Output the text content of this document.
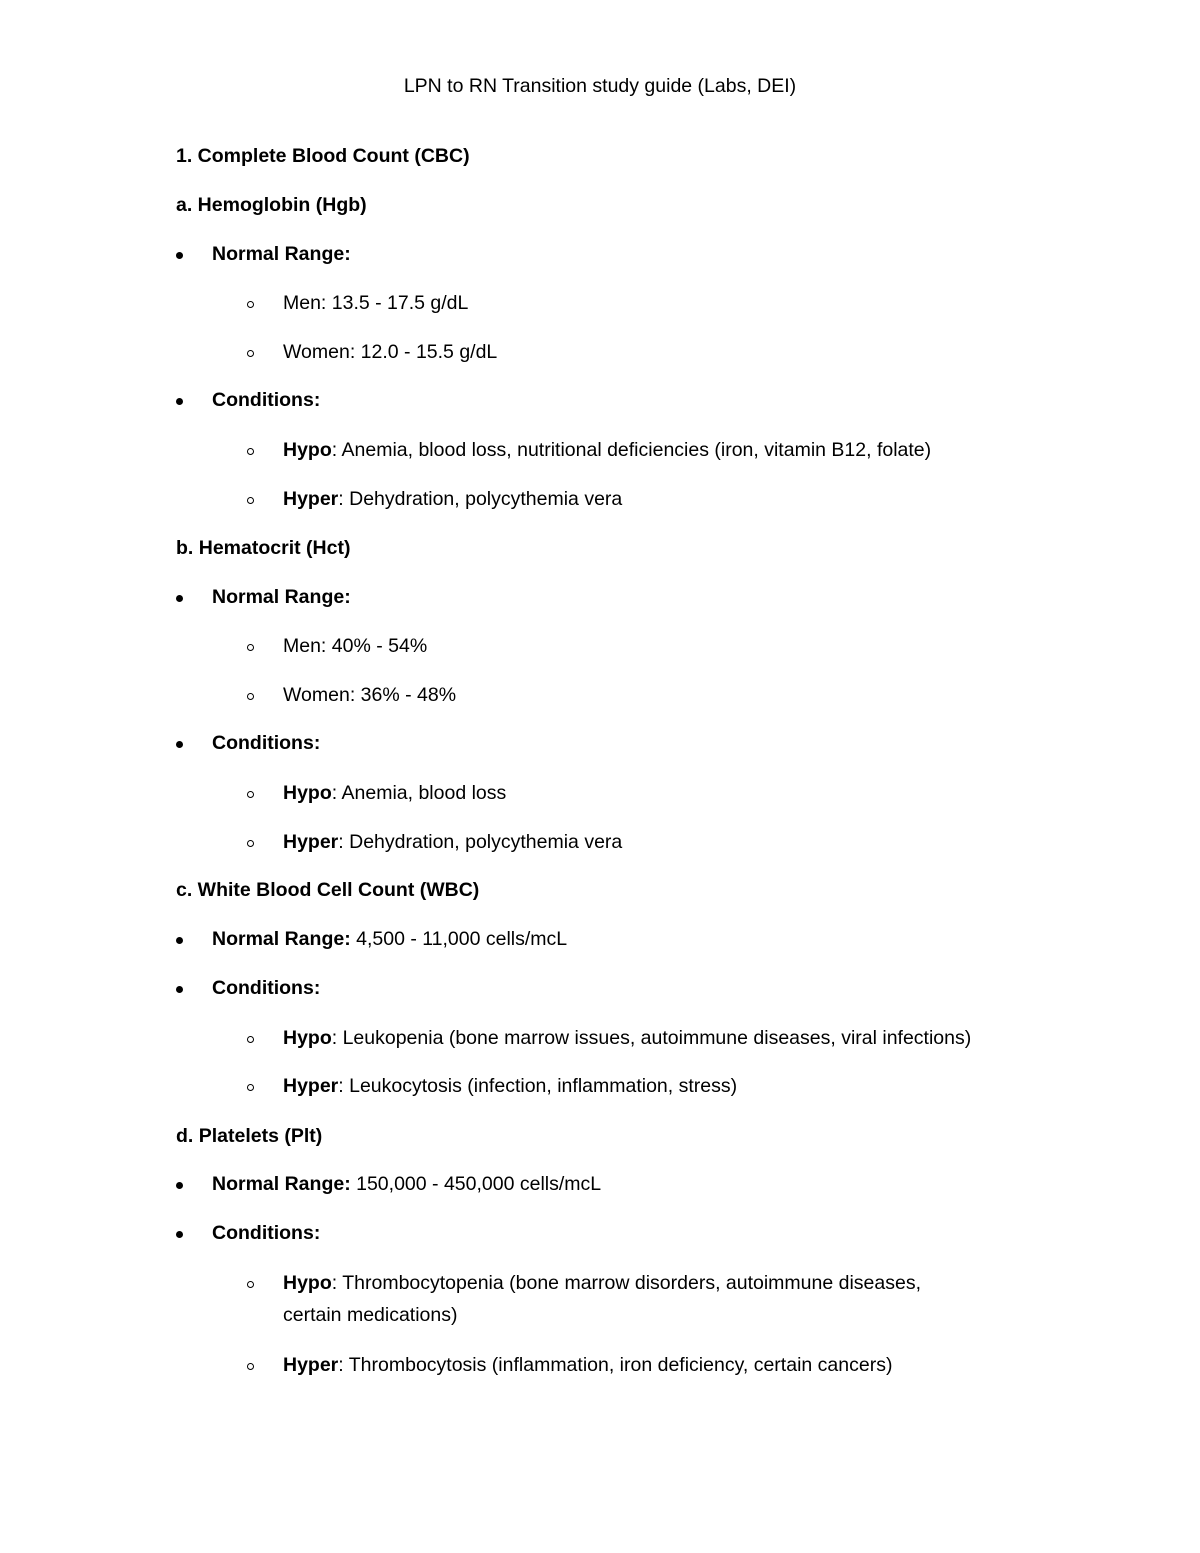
LPN to RN Transition study guide (Labs, DEI)
1. Complete Blood Count (CBC)
a. Hemoglobin (Hgb)
Normal Range:
Men: 13.5 - 17.5 g/dL
Women: 12.0 - 15.5 g/dL
Conditions:
Hypo: Anemia, blood loss, nutritional deficiencies (iron, vitamin B12, folate)
Hyper: Dehydration, polycythemia vera
b. Hematocrit (Hct)
Normal Range:
Men: 40% - 54%
Women: 36% - 48%
Conditions:
Hypo: Anemia, blood loss
Hyper: Dehydration, polycythemia vera
c. White Blood Cell Count (WBC)
Normal Range: 4,500 - 11,000 cells/mcL
Conditions:
Hypo: Leukopenia (bone marrow issues, autoimmune diseases, viral infections)
Hyper: Leukocytosis (infection, inflammation, stress)
d. Platelets (Plt)
Normal Range: 150,000 - 450,000 cells/mcL
Conditions:
Hypo: Thrombocytopenia (bone marrow disorders, autoimmune diseases,
certain medications)
Hyper: Thrombocytosis (inflammation, iron deficiency, certain cancers)
